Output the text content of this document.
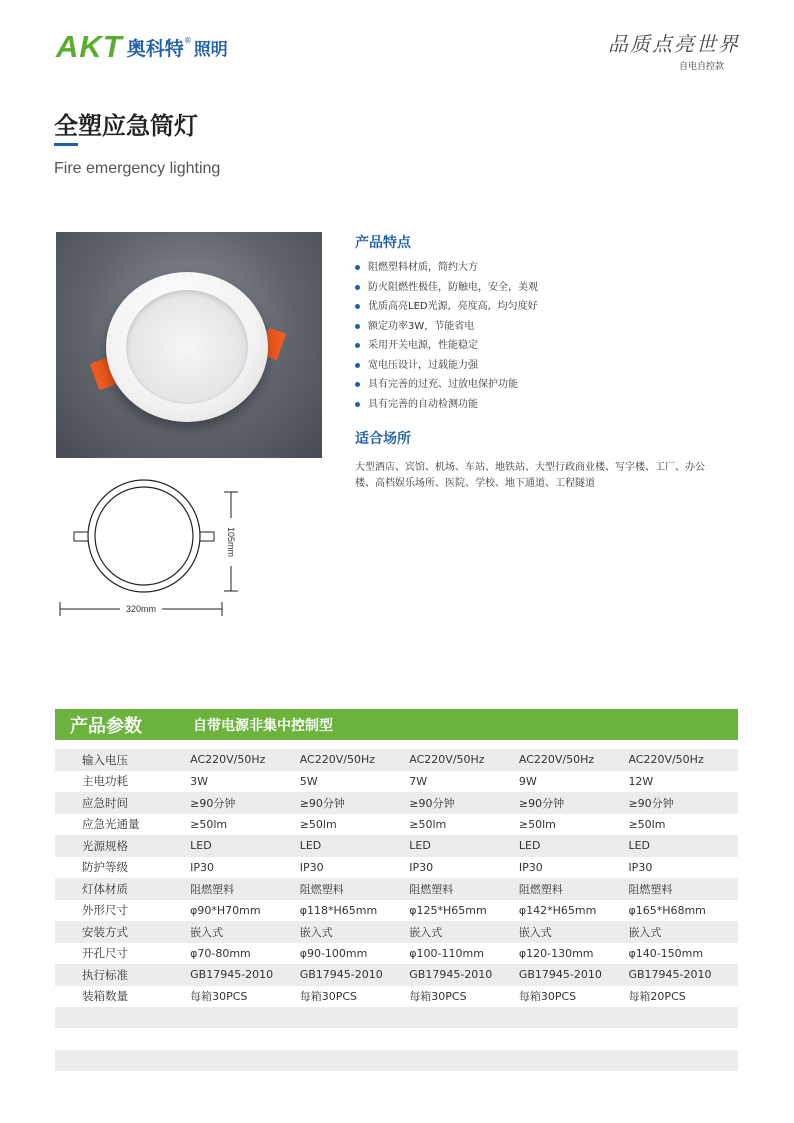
AKT 奥科特 ® 照明	品质点亮世界
自电自控款
全塑应急筒灯
Fire emergency lighting
105mm
320mm
产品特点
阻燃塑料材质，简约大方
防火阻燃性极佳，防触电，安全，美观
优质高亮LED光源，亮度高，均匀度好
额定功率3W，节能省电
采用开关电源，性能稳定
宽电压设计，过载能力强
具有完善的过充、过放电保护功能
具有完善的自动检测功能
适合场所
大型酒店、宾馆、机场、车站、地铁站、大型行政商业楼、写字楼、工厂、办公楼、高档娱乐场所、医院、学校、地下通道、工程隧道
产品参数	自带电源非集中控制型
输入电压	AC220V/50Hz	AC220V/50Hz	AC220V/50Hz	AC220V/50Hz	AC220V/50Hz
主电功耗	3W	5W	7W	9W	12W
应急时间	≥90分钟	≥90分钟	≥90分钟	≥90分钟	≥90分钟
应急光通量	≥50lm	≥50lm	≥50lm	≥50lm	≥50lm
光源规格	LED	LED	LED	LED	LED
防护等级	IP30	IP30	IP30	IP30	IP30
灯体材质	阻燃塑料	阻燃塑料	阻燃塑料	阻燃塑料	阻燃塑料
外形尺寸	φ90*H70mm	φ118*H65mm	φ125*H65mm	φ142*H65mm	φ165*H68mm
安装方式	嵌入式	嵌入式	嵌入式	嵌入式	嵌入式
开孔尺寸	φ70-80mm	φ90-100mm	φ100-110mm	φ120-130mm	φ140-150mm
执行标准	GB17945-2010	GB17945-2010	GB17945-2010	GB17945-2010	GB17945-2010
装箱数量	每箱30PCS	每箱30PCS	每箱30PCS	每箱30PCS	每箱20PCS
